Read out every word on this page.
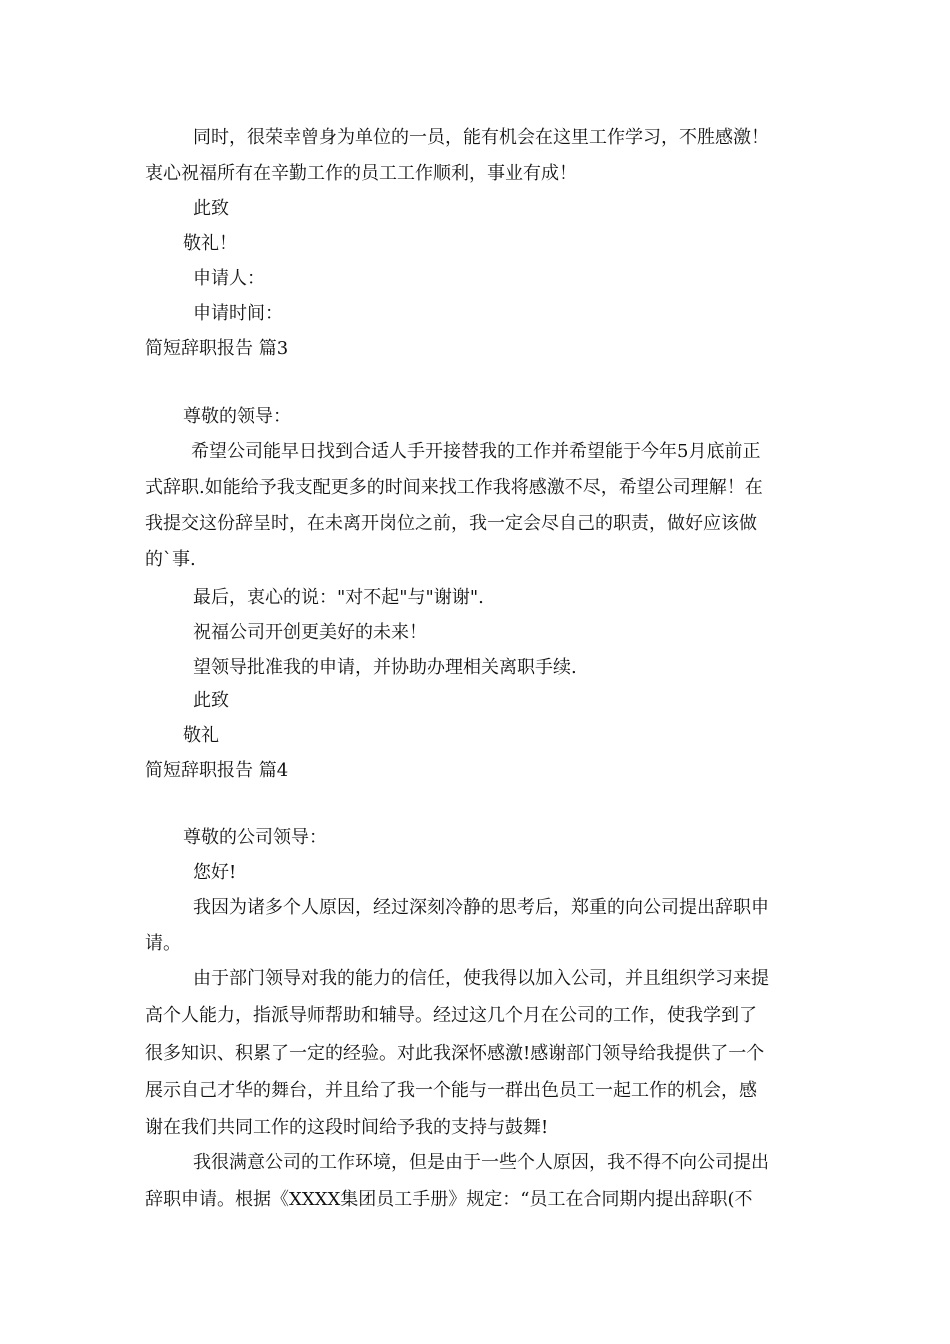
同时，很荣幸曾身为单位的一员，能有机会在这里工作学习，不胜感激！
衷心祝福所有在辛勤工作的员工工作顺利，事业有成！
此致
敬礼！
申请人：
申请时间：
简短辞职报告 篇3
尊敬的领导：
希望公司能早日找到合适人手开接替我的工作并希望能于今年5月底前正
式辞职.如能给予我支配更多的时间来找工作我将感激不尽，希望公司理解！在
我提交这份辞呈时，在未离开岗位之前，我一定会尽自己的职责，做好应该做
的`事.
最后，衷心的说："对不起"与"谢谢".
祝福公司开创更美好的未来！
望领导批准我的申请，并协助办理相关离职手续.
此致
敬礼
简短辞职报告 篇4
尊敬的公司领导：
您好!
我因为诸多个人原因，经过深刻冷静的思考后，郑重的向公司提出辞职申
请。
由于部门领导对我的能力的信任，使我得以加入公司，并且组织学习来提
高个人能力，指派导师帮助和辅导。经过这几个月在公司的工作，使我学到了
很多知识、积累了一定的经验。对此我深怀感激!感谢部门领导给我提供了一个
展示自己才华的舞台，并且给了我一个能与一群出色员工一起工作的机会，感
谢在我们共同工作的这段时间给予我的支持与鼓舞!
我很满意公司的工作环境，但是由于一些个人原因，我不得不向公司提出
辞职申请。根据《XXXX集团员工手册》规定：“员工在合同期内提出辞职(不
